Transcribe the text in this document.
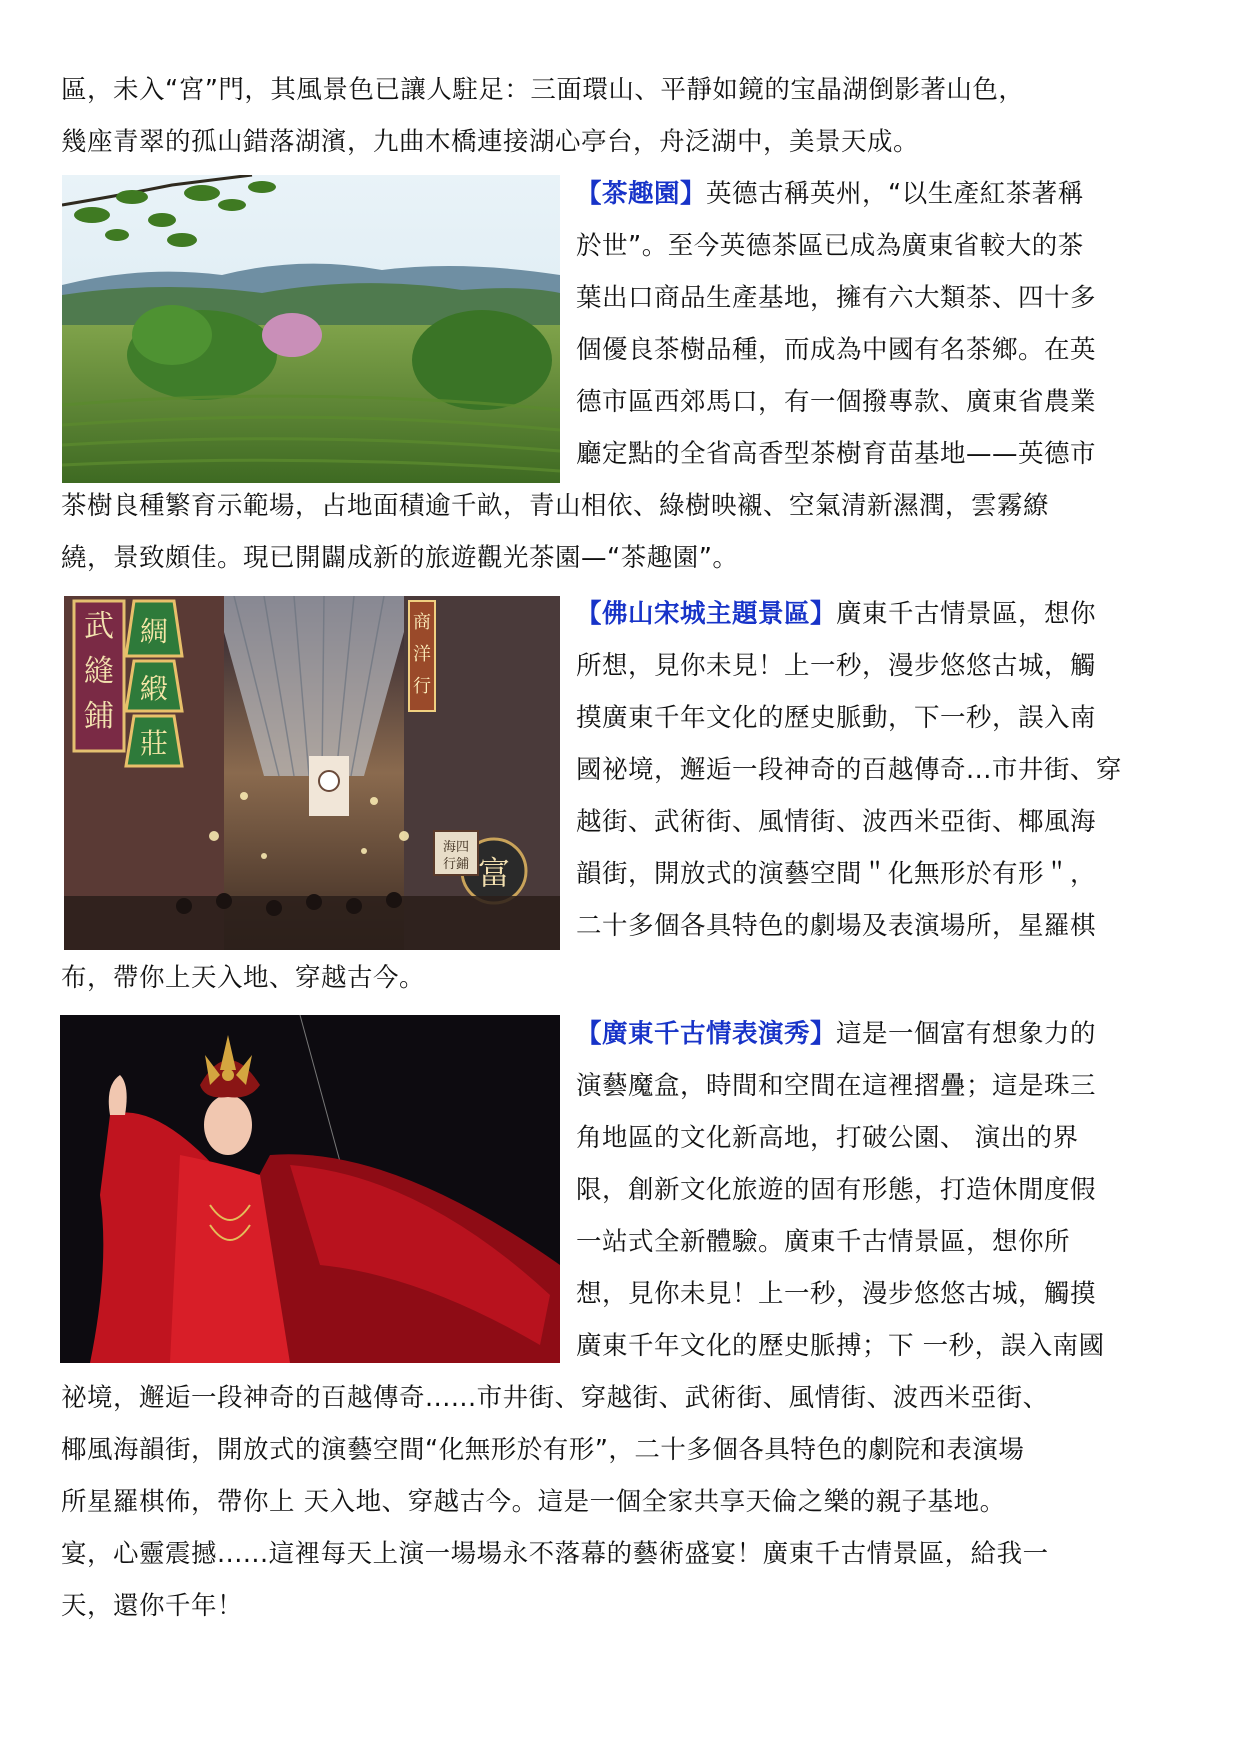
區，未入“宮”門，其風景色已讓人駐足：三面環山、平靜如鏡的宝晶湖倒影著山色，
幾座青翠的孤山錯落湖濱，九曲木橋連接湖心亭台，舟泛湖中，美景天成。
【茶趣園】英德古稱英州，“以生產紅茶著稱
於世”。至今英德茶區已成為廣東省較大的茶
葉出口商品生產基地，擁有六大類茶、四十多
個優良茶樹品種，而成為中國有名茶鄉。在英
德市區西郊馬口，有一個撥專款、廣東省農業
廳定點的全省高香型茶樹育苗基地——英德市
茶樹良種繁育示範場，占地面積逾千畝，青山相依、綠樹映襯、空氣清新濕潤，雲霧繚
繞，景致頗佳。現已開闢成新的旅遊觀光茶園—“茶趣園”。
武
縫
鋪
綢
緞
莊
商
洋
行
富
海四
行鋪
【佛山宋城主題景區】廣東千古情景區，想你
所想，見你未見！上一秒，漫步悠悠古城，觸
摸廣東千年文化的歷史脈動，下一秒，誤入南
國祕境，邂逅一段神奇的百越傳奇...市井街、穿
越街、武術街、風情街、波西米亞街、椰風海
韻街，開放式的演藝空間＂化無形於有形＂，
二十多個各具特色的劇場及表演場所，星羅棋
布，帶你上天入地、穿越古今。
【廣東千古情表演秀】這是一個富有想象力的
演藝魔盒，時間和空間在這裡摺疊；這是珠三
角地區的文化新高地，打破公園、 演出的界
限，創新文化旅遊的固有形態，打造休閒度假
一站式全新體驗。廣東千古情景區，想你所
想，見你未見！上一秒，漫步悠悠古城，觸摸
廣東千年文化的歷史脈搏；下 一秒，誤入南國
祕境，邂逅一段神奇的百越傳奇......市井街、穿越街、武術街、風情街、波西米亞街、
椰風海韻街，開放式的演藝空間“化無形於有形”，二十多個各具特色的劇院和表演場
所星羅棋佈，帶你上 天入地、穿越古今。這是一個全家共享天倫之樂的親子基地。
宴，心靈震撼......這裡每天上演一場場永不落幕的藝術盛宴！廣東千古情景區，給我一
天，還你千年！
